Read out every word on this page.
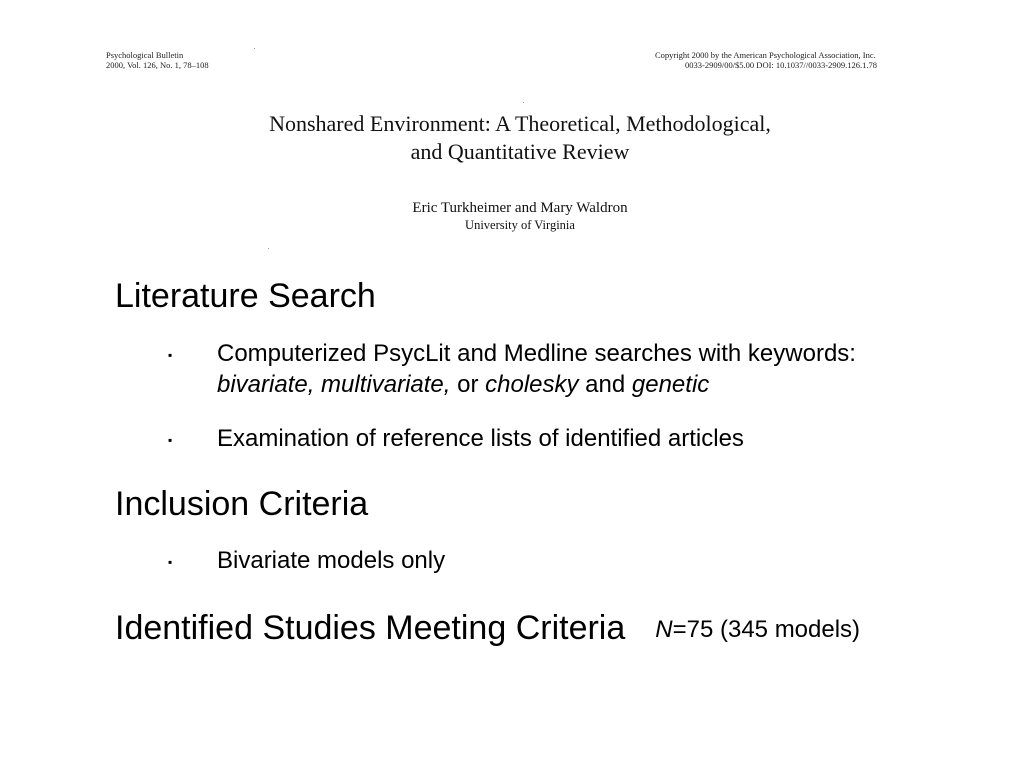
Psychological Bulletin
2000, Vol. 126, No. 1, 78–108
Copyright 2000 by the American Psychological Association, Inc.
0033-2909/00/$5.00 DOI: 10.1037//0033-2909.126.1.78
Nonshared Environment: A Theoretical, Methodological,
and Quantitative Review
Eric Turkheimer and Mary Waldron
University of Virginia
Literature Search
▪ Computerized PsycLit and Medline searches with keywords:
bivariate, multivariate, or cholesky and genetic
▪ Examination of reference lists of identified articles
Inclusion Criteria
▪ Bivariate models only
Identified Studies Meeting Criteria N=75 (345 models)
